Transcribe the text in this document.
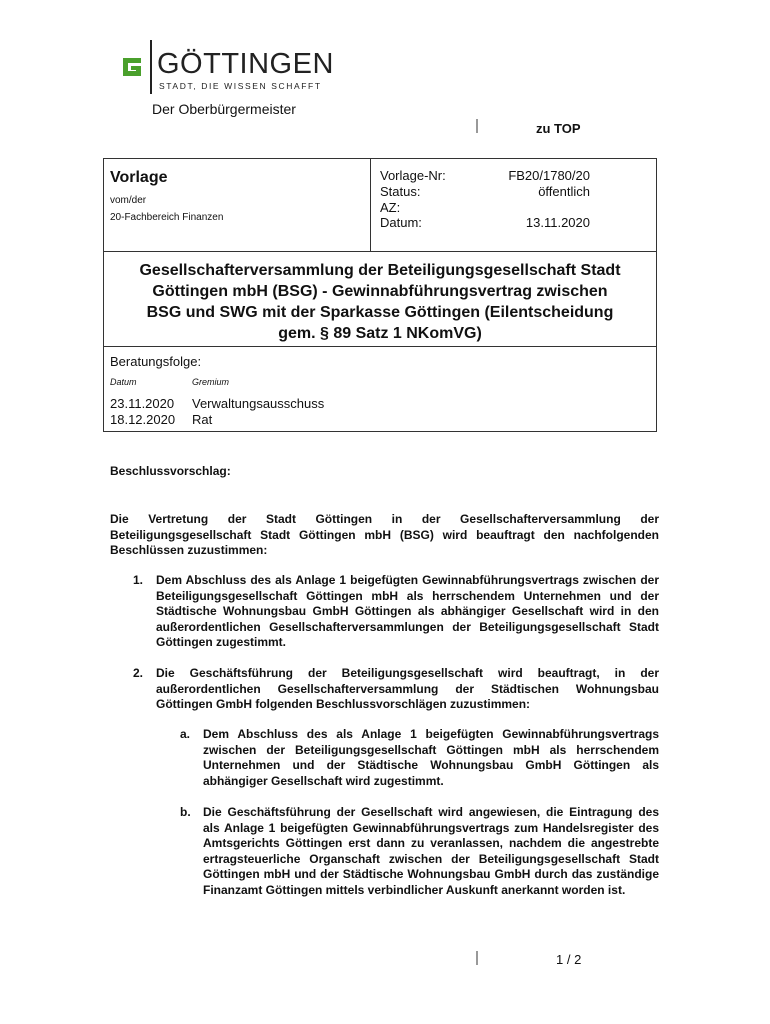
GÖTTINGEN
STADT, DIE WISSEN SCHAFFT
Der Oberbürgermeister
zu TOP
Vorlage
vom/der
20-Fachbereich Finanzen
Vorlage-Nr:	FB20/1780/20
Status:	öffentlich
AZ:
Datum:	13.11.2020
Gesellschafterversammlung der Beteiligungsgesellschaft Stadt
Göttingen mbH (BSG) - Gewinnabführungsvertrag zwischen
BSG und SWG mit der Sparkasse Göttingen (Eilentscheidung
gem. § 89 Satz 1 NKomVG)
Beratungsfolge:
Datum	Gremium
23.11.2020 Verwaltungsausschuss
18.12.2020 Rat
Beschlussvorschlag:
Die Vertretung der Stadt Göttingen in der Gesellschafterversammlung der Beteiligungsgesellschaft Stadt Göttingen mbH (BSG) wird beauftragt den nachfolgenden Beschlüssen zuzustimmen:
1. Dem Abschluss des als Anlage 1 beigefügten Gewinnabführungsvertrags zwischen der Beteiligungsgesellschaft Göttingen mbH als herrschendem Unternehmen und der Städtische Wohnungsbau GmbH Göttingen als abhängiger Gesellschaft wird in den außerordentlichen Gesellschafterversammlungen der Beteiligungsgesellschaft Stadt Göttingen zugestimmt.
2. Die Geschäftsführung der Beteiligungsgesellschaft wird beauftragt, in der außerordentlichen Gesellschafterversammlung der Städtischen Wohnungsbau Göttingen GmbH folgenden Beschlussvorschlägen zuzustimmen:
a. Dem Abschluss des als Anlage 1 beigefügten Gewinnabführungsvertrags zwischen der Beteiligungsgesellschaft Göttingen mbH als herrschendem Unternehmen und der Städtische Wohnungsbau GmbH Göttingen als abhängiger Gesellschaft wird zugestimmt.
b. Die Geschäftsführung der Gesellschaft wird angewiesen, die Eintragung des als Anlage 1 beigefügten Gewinnabführungsvertrags zum Handelsregister des Amtsgerichts Göttingen erst dann zu veranlassen, nachdem die angestrebte ertragsteuerliche Organschaft zwischen der Beteiligungsgesellschaft Stadt Göttingen mbH und der Städtische Wohnungsbau GmbH durch das zuständige Finanzamt Göttingen mittels verbindlicher Auskunft anerkannt worden ist.
1 / 2
